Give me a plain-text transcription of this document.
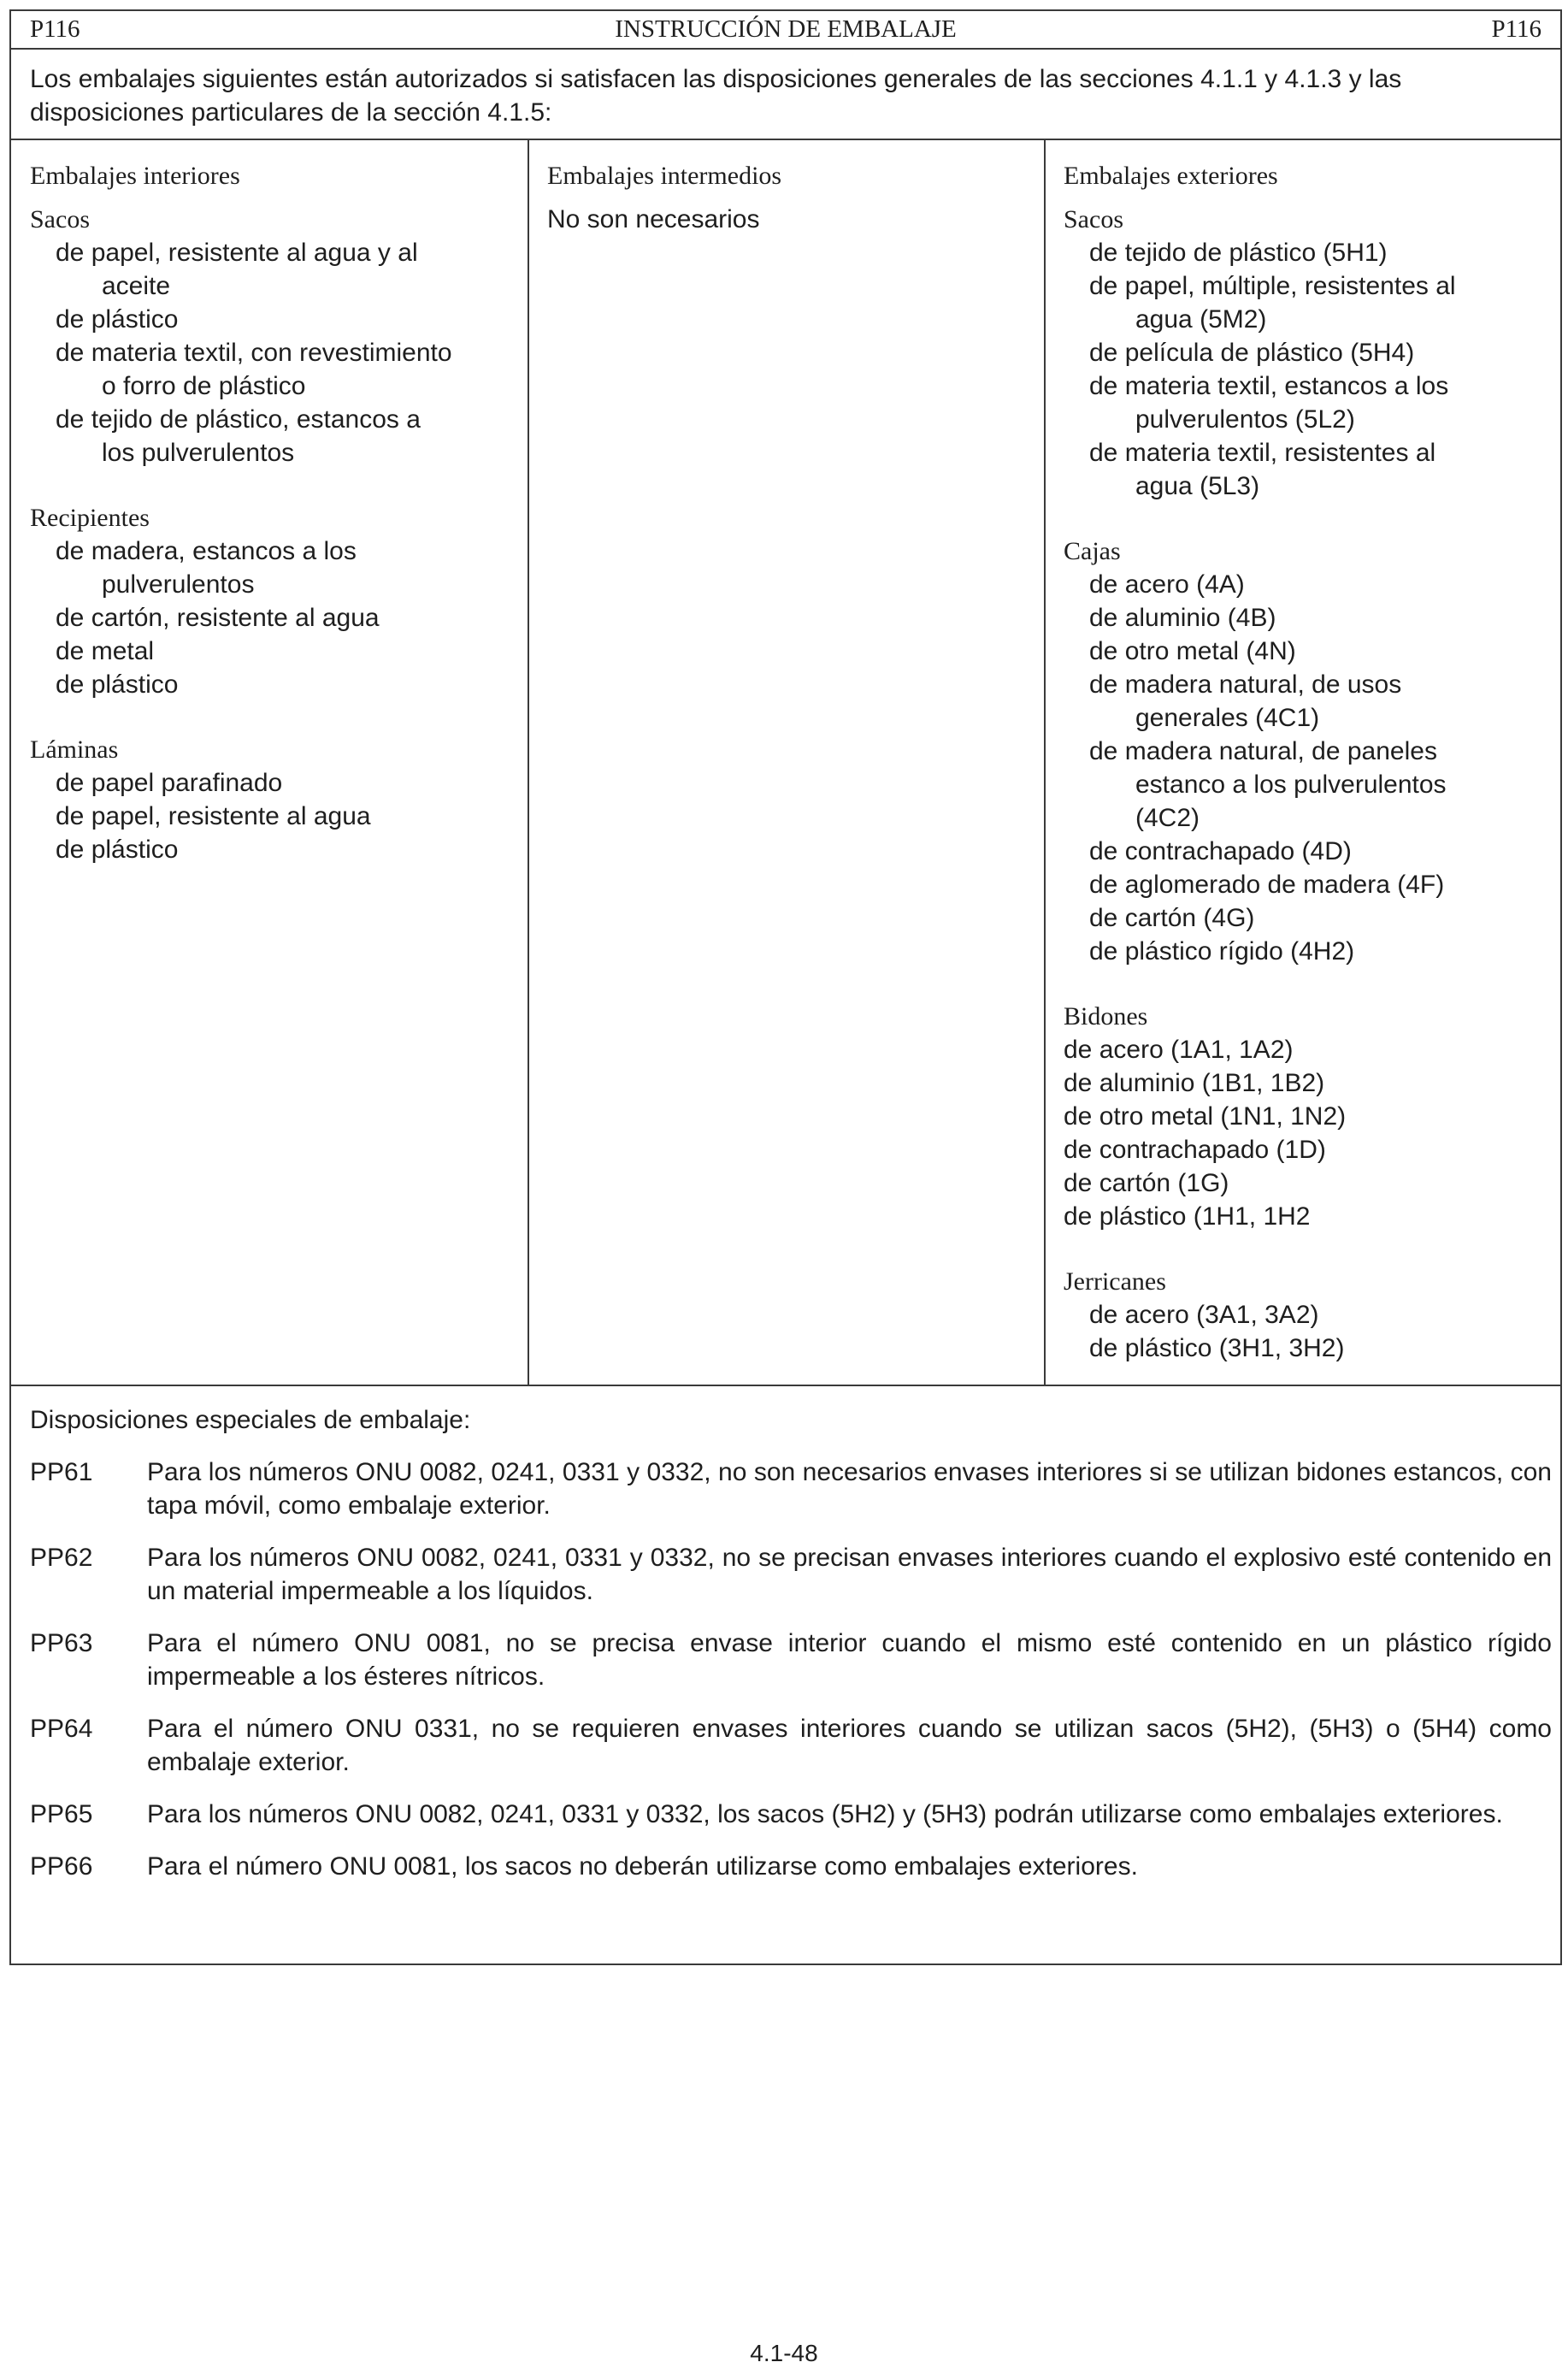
P116	INSTRUCCIÓN DE EMBALAJE	P116
Los embalajes siguientes están autorizados si satisfacen las disposiciones generales de las secciones 4.1.1 y 4.1.3 y las disposiciones particulares de la sección 4.1.5:
Embalajes interiores
Sacos
de papel, resistente al agua y al
aceite
de plástico
de materia textil, con revestimiento
o forro de plástico
de tejido de plástico, estancos a
los pulverulentos
Recipientes
de madera, estancos a los
pulverulentos
de cartón, resistente al agua
de metal
de plástico
Láminas
de papel parafinado
de papel, resistente al agua
de plástico
Embalajes intermedios
No son necesarios
Embalajes exteriores
Sacos
de tejido de plástico (5H1)
de papel, múltiple, resistentes al
agua (5M2)
de película de plástico (5H4)
de materia textil, estancos a los
pulverulentos (5L2)
de materia textil, resistentes al
agua (5L3)
Cajas
de acero (4A)
de aluminio (4B)
de otro metal (4N)
de madera natural, de usos
generales (4C1)
de madera natural, de paneles
estanco a los pulverulentos
(4C2)
de contrachapado (4D)
de aglomerado de madera (4F)
de cartón (4G)
de plástico rígido (4H2)
Bidones
de acero (1A1, 1A2)
de aluminio (1B1, 1B2)
de otro metal (1N1, 1N2)
de contrachapado (1D)
de cartón (1G)
de plástico (1H1, 1H2
Jerricanes
de acero (3A1, 3A2)
de plástico (3H1, 3H2)
Disposiciones especiales de embalaje:
PP61	Para los números ONU 0082, 0241, 0331 y 0332, no son necesarios envases interiores si se utilizan bidones estancos, con tapa móvil, como embalaje exterior.
PP62	Para los números ONU 0082, 0241, 0331 y 0332, no se precisan envases interiores cuando el explosivo esté contenido en un material impermeable a los líquidos.
PP63	Para el número ONU 0081, no se precisa envase interior cuando el mismo esté contenido en un plástico rígido impermeable a los ésteres nítricos.
PP64	Para el número ONU 0331, no se requieren envases interiores cuando se utilizan sacos (5H2), (5H3) o (5H4) como embalaje exterior.
PP65	Para los números ONU 0082, 0241, 0331 y 0332, los sacos (5H2) y (5H3) podrán utilizarse como embalajes exteriores.
PP66	Para el número ONU 0081, los sacos no deberán utilizarse como embalajes exteriores.
4.1-48
